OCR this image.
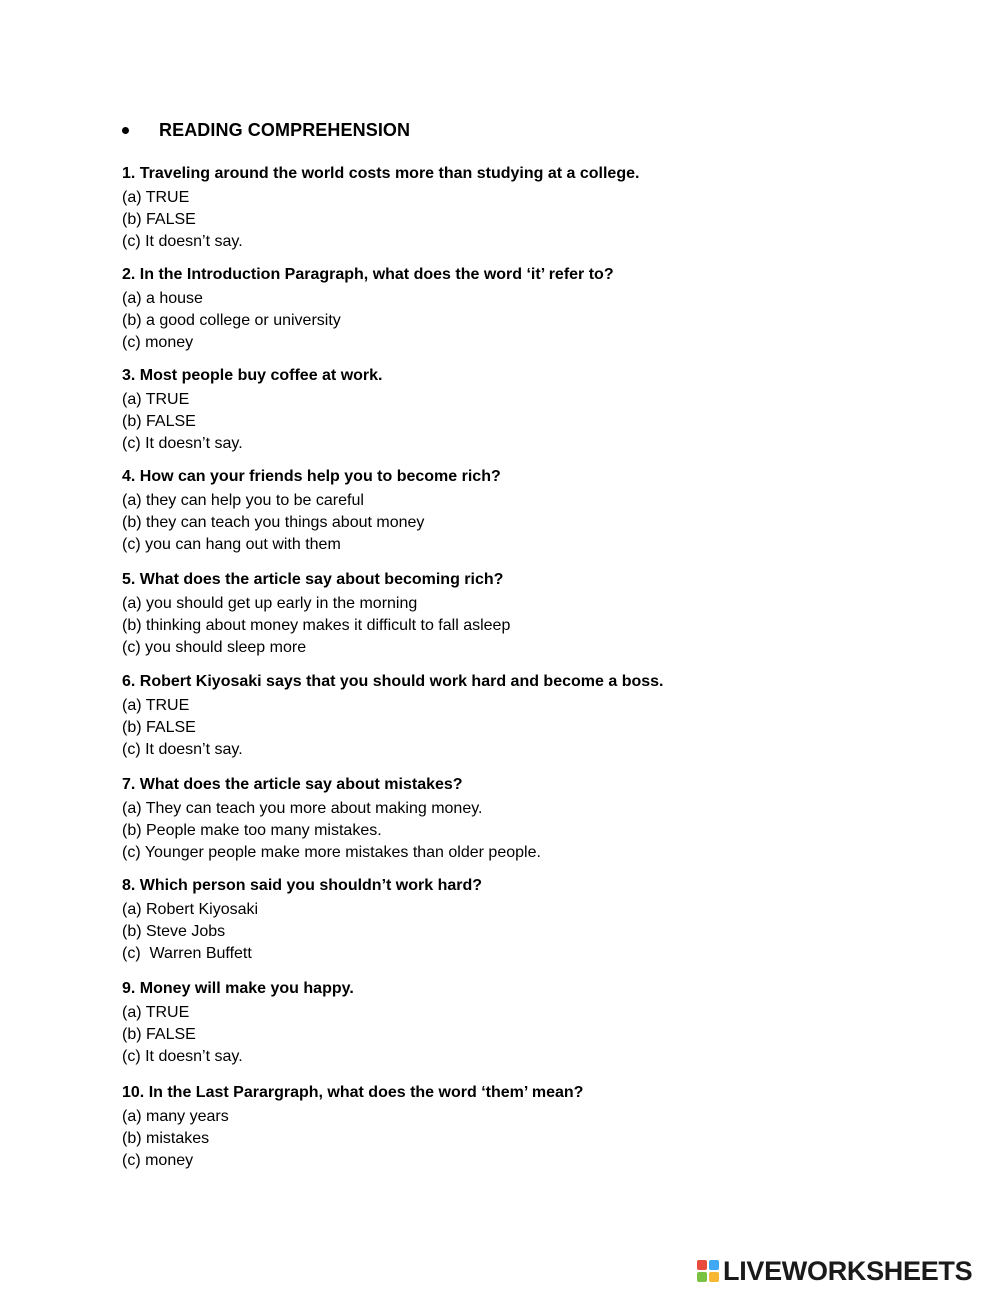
READING COMPREHENSION

1. Traveling around the world costs more than studying at a college.

(a) TRUE

(b) FALSE

(c) It doesn’t say.

2. In the Introduction Paragraph, what does the word ‘it’ refer to?

(a) a house

(b) a good college or university

(c) money

3. Most people buy coffee at work.

(a) TRUE

(b) FALSE

(c) It doesn’t say.

4. How can your friends help you to become rich?

(a) they can help you to be careful

(b) they can teach you things about money

(c) you can hang out with them

5. What does the article say about becoming rich?

(a) you should get up early in the morning

(b) thinking about money makes it difficult to fall asleep

(c) you should sleep more

6. Robert Kiyosaki says that you should work hard and become a boss.

(a) TRUE

(b) FALSE

(c) It doesn’t say.

7. What does the article say about mistakes?

(a) They can teach you more about making money.

(b) People make too many mistakes.

(c) Younger people make more mistakes than older people.

8. Which person said you shouldn’t work hard?

(a) Robert Kiyosaki

(b) Steve Jobs

(c)  Warren Buffett

9. Money will make you happy.

(a) TRUE

(b) FALSE

(c) It doesn’t say.

10. In the Last Parargraph, what does the word ‘them’ mean?

(a) many years

(b) mistakes

(c) money

LIVEWORKSHEETS
